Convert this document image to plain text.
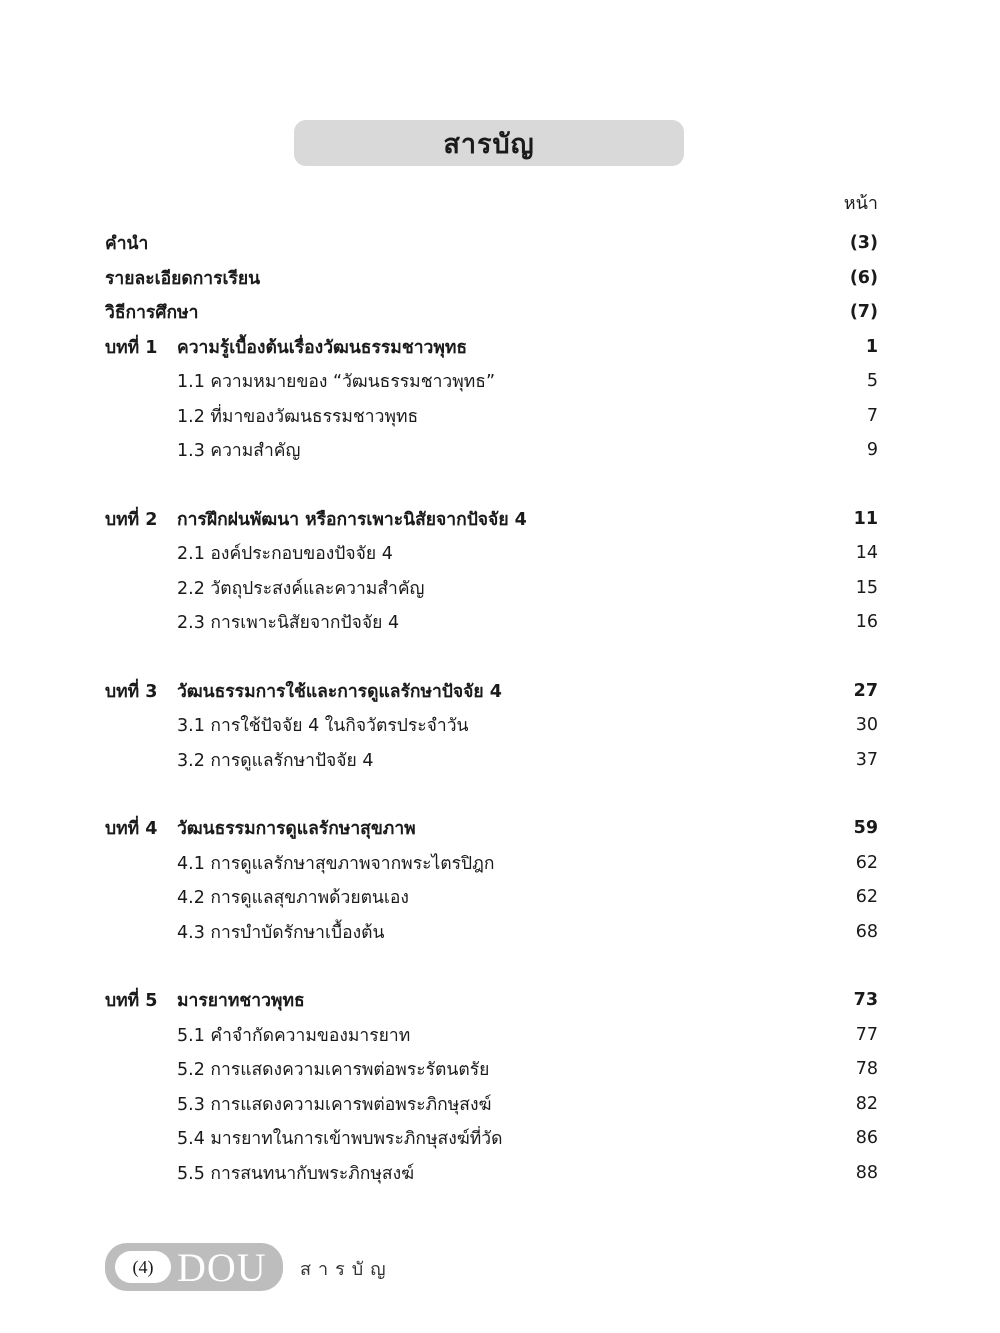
สารบัญ
หน้า
คำนำ	(3)
รายละเอียดการเรียน	(6)
วิธีการศึกษา	(7)
บทที่ 1 ความรู้เบื้องต้นเรื่องวัฒนธรรมชาวพุทธ	1
1.1 ความหมายของ “วัฒนธรรมชาวพุทธ”	5
1.2 ที่มาของวัฒนธรรมชาวพุทธ	7
1.3 ความสำคัญ	9
บทที่ 2 การฝึกฝนพัฒนา หรือการเพาะนิสัยจากปัจจัย 4	11
2.1 องค์ประกอบของปัจจัย 4	14
2.2 วัตถุประสงค์และความสำคัญ	15
2.3 การเพาะนิสัยจากปัจจัย 4	16
บทที่ 3 วัฒนธรรมการใช้และการดูแลรักษาปัจจัย 4	27
3.1 การใช้ปัจจัย 4 ในกิจวัตรประจำวัน	30
3.2 การดูแลรักษาปัจจัย 4	37
บทที่ 4 วัฒนธรรมการดูแลรักษาสุขภาพ	59
4.1 การดูแลรักษาสุขภาพจากพระไตรปิฎก	62
4.2 การดูแลสุขภาพด้วยตนเอง	62
4.3 การบำบัดรักษาเบื้องต้น	68
บทที่ 5 มารยาทชาวพุทธ	73
5.1 คำจำกัดความของมารยาท	77
5.2 การแสดงความเคารพต่อพระรัตนตรัย	78
5.3 การแสดงความเคารพต่อพระภิกษุสงฆ์	82
5.4 มารยาทในการเข้าพบพระภิกษุสงฆ์ที่วัด	86
5.5 การสนทนากับพระภิกษุสงฆ์	88
(4) DOU สารบัญ
